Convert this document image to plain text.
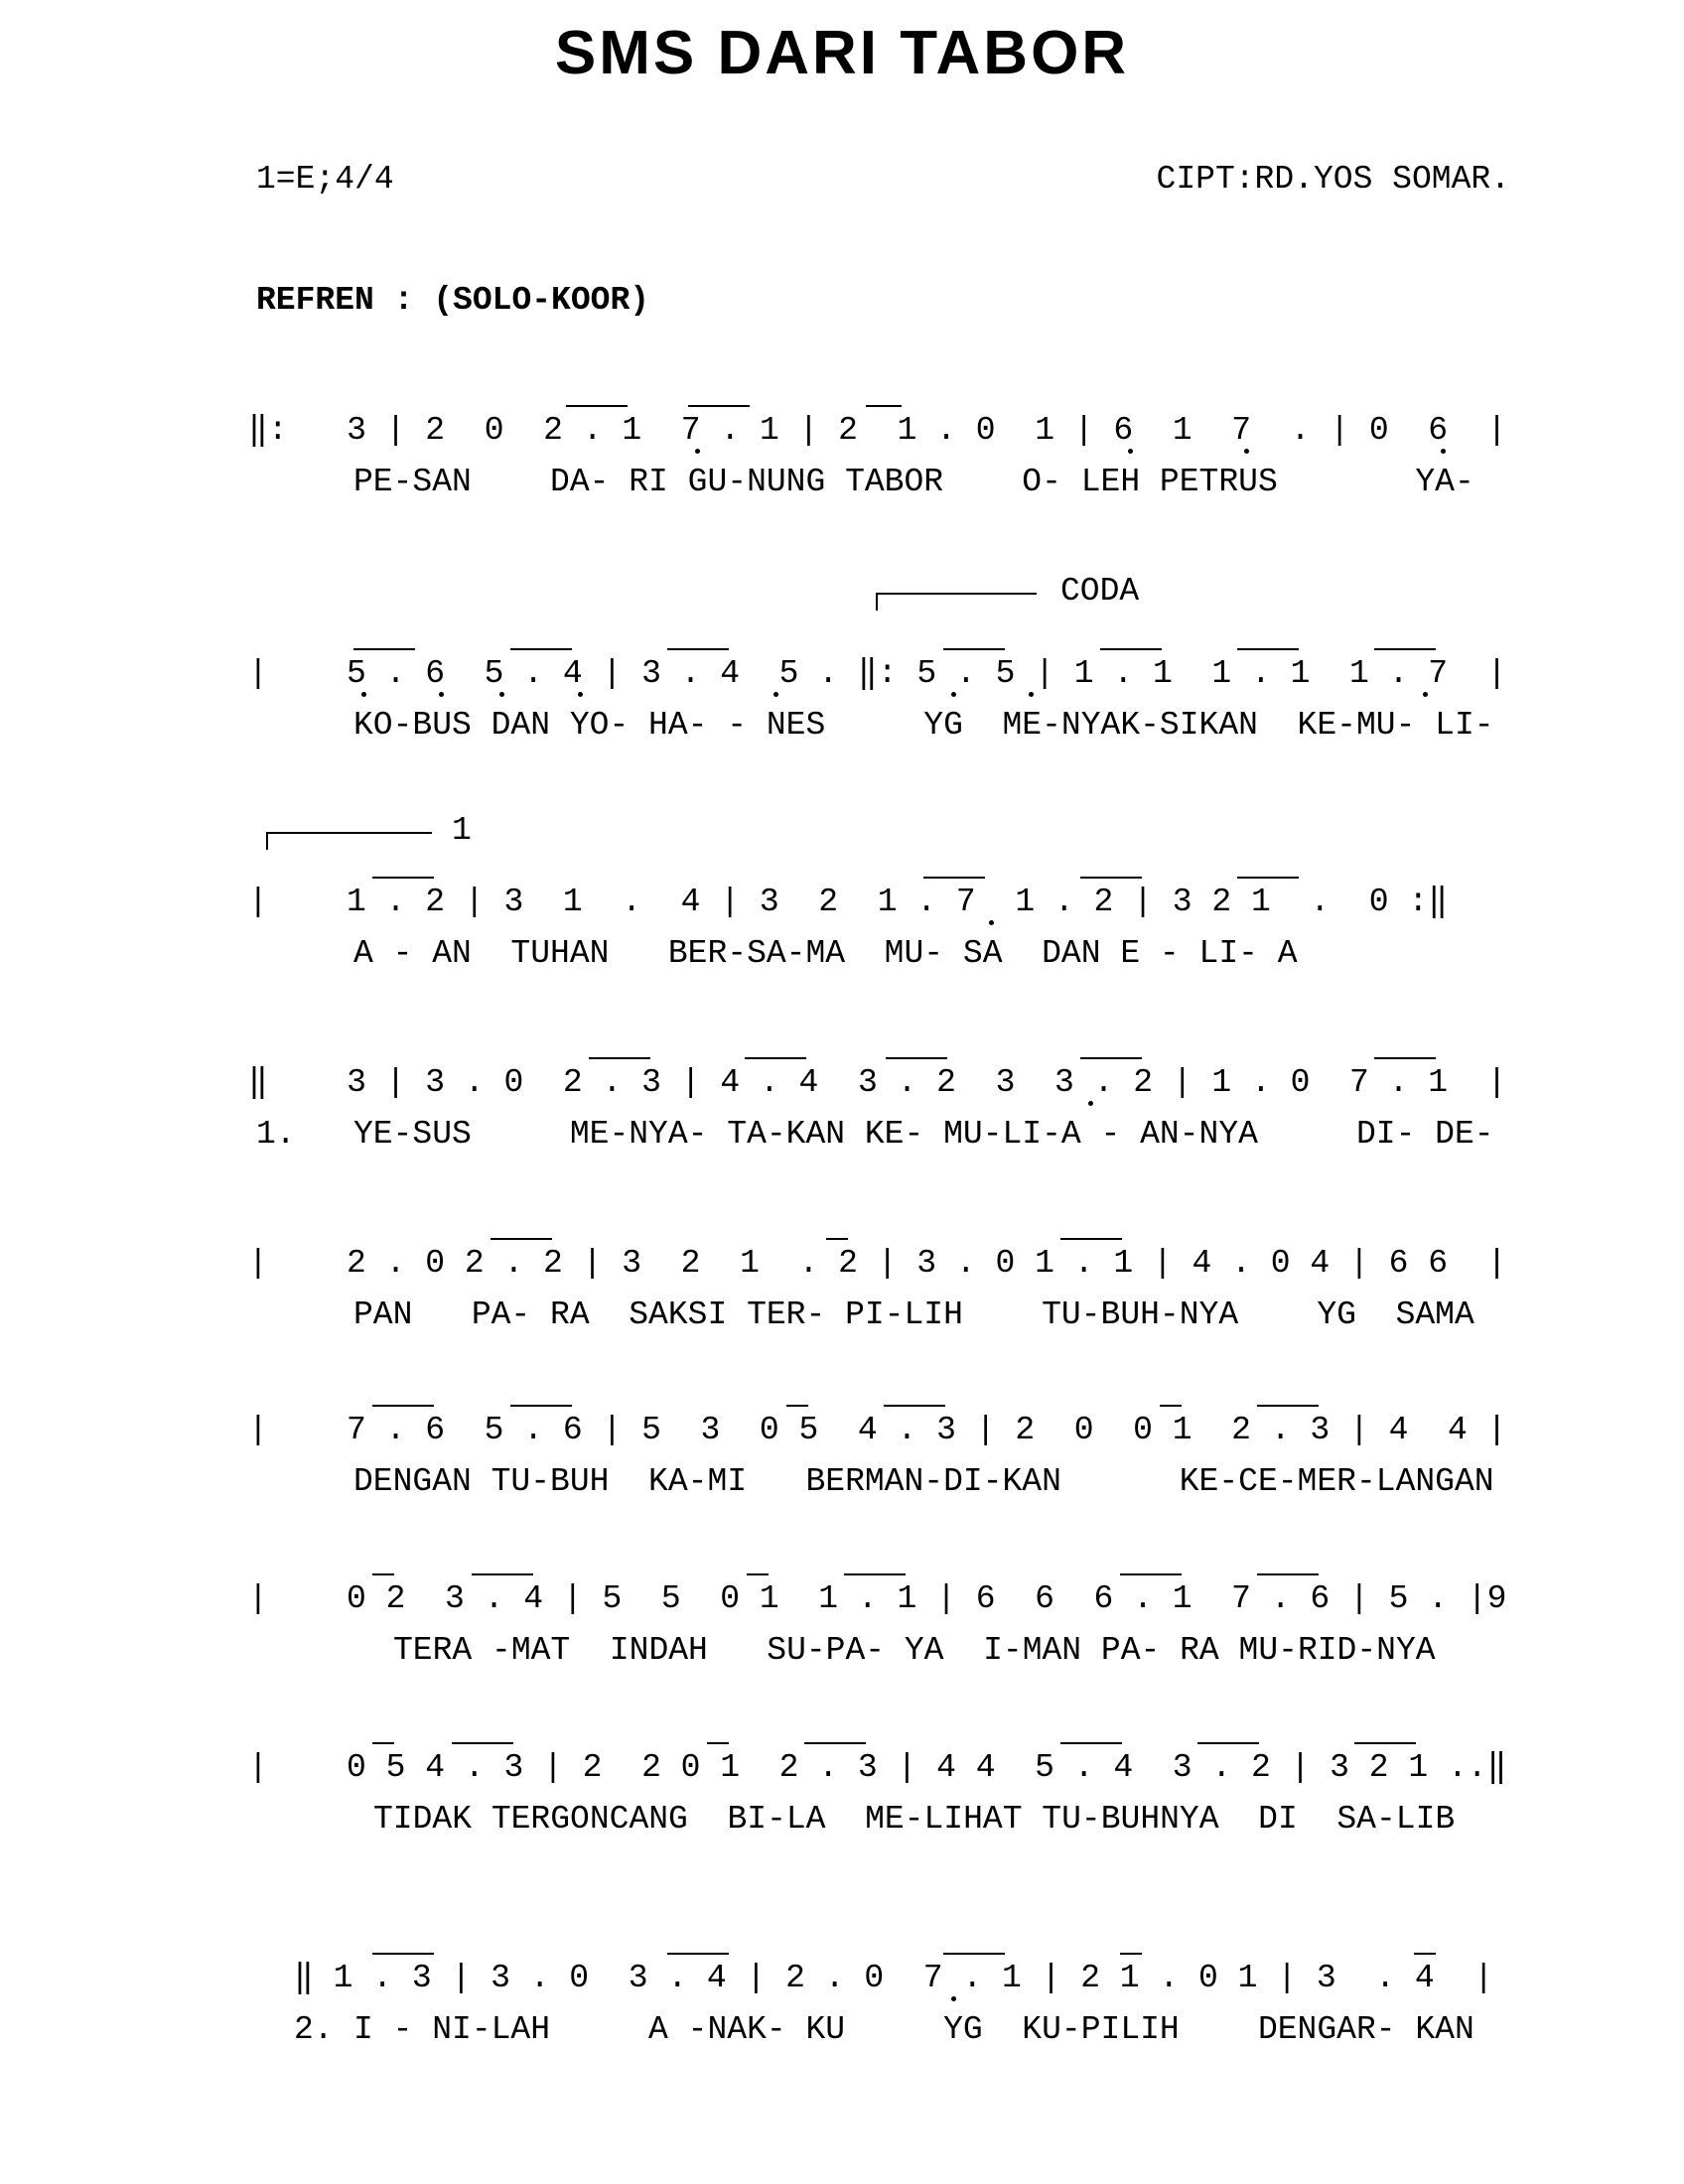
SMS DARI TABOR
1=E;4/4	CIPT:RD.YOS SOMAR.
REFREN : (SOLO-KOOR)
‖:   3 | 2  0  2 . 1  7 . 1 | 2  1 . 0  1 | 6  1  7  . | 0  6  |
PE-SAN    DA- RI GU-NUNG TABOR    O- LEH PETRUS       YA-
CODA
|    5 . 6  5 . 4 | 3 . 4  5 . ‖: 5 . 5 | 1 . 1  1 . 1  1 . 7  |
KO-BUS DAN YO- HA- - NES     YG  ME-NYAK-SIKAN  KE-MU- LI-
1
|    1 . 2 | 3  1  .  4 | 3  2  1 . 7  1 . 2 | 3 2 1  .  0 :‖
A - AN  TUHAN   BER-SA-MA  MU- SA  DAN E - LI- A
‖    3 | 3 . 0  2 . 3 | 4 . 4  3 . 2  3  3 . 2 | 1 . 0  7 . 1  |
1. YE-SUS     ME-NYA- TA-KAN KE- MU-LI-A - AN-NYA     DI- DE-
|    2 . 0 2 . 2 | 3  2  1  . 2 | 3 . 0 1 . 1 | 4 . 0 4 | 6 6  |
PAN   PA- RA  SAKSI TER- PI-LIH    TU-BUH-NYA    YG  SAMA
|    7 . 6  5 . 6 | 5  3  0 5  4 . 3 | 2  0  0 1  2 . 3 | 4  4 |
DENGAN TU-BUH  KA-MI   BERMAN-DI-KAN      KE-CE-MER-LANGAN
|    0 2  3 . 4 | 5  5  0 1  1 . 1 | 6  6  6 . 1  7 . 6 | 5 . |9
TERA -MAT  INDAH   SU-PA- YA  I-MAN PA- RA MU-RID-NYA
|    0 5 4 . 3 | 2  2 0 1  2 . 3 | 4 4  5 . 4  3 . 2 | 3 2 1 ..‖
TIDAK TERGONCANG  BI-LA  ME-LIHAT TU-BUHNYA  DI  SA-LIB
‖ 1 . 3 | 3 . 0  3 . 4 | 2 . 0  7 . 1 | 2 1 . 0 1 | 3  . 4  |
2. I - NI-LAH     A -NAK- KU     YG  KU-PILIH    DENGAR- KAN
